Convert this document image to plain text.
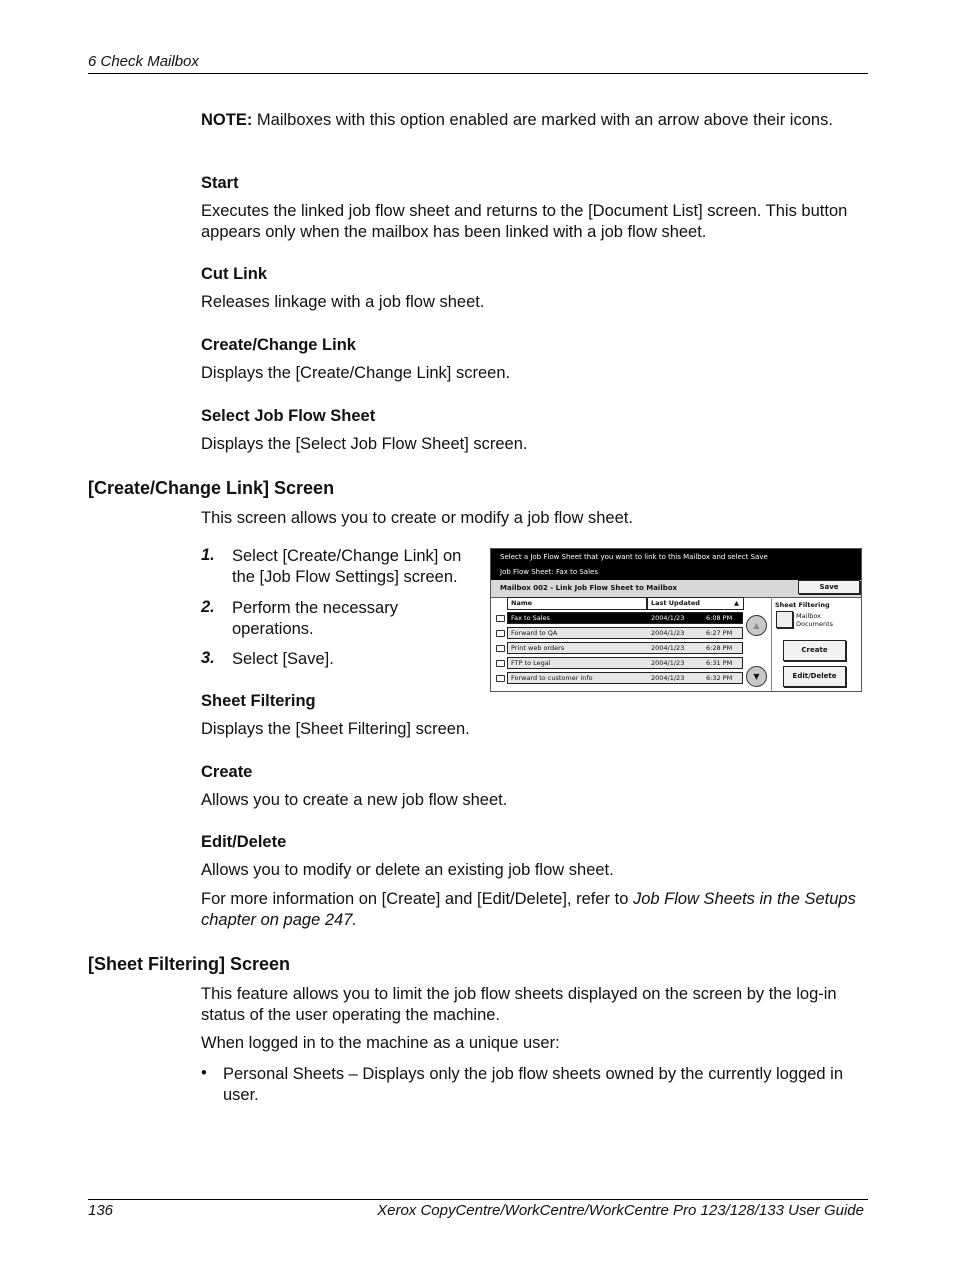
6 Check Mailbox
NOTE: Mailboxes with this option enabled are marked with an arrow above their icons.
Start
Executes the linked job flow sheet and returns to the [Document List] screen. This button appears only when the mailbox has been linked with a job flow sheet.
Cut Link
Releases linkage with a job flow sheet.
Create/Change Link
Displays the [Create/Change Link] screen.
Select Job Flow Sheet
Displays the [Select Job Flow Sheet] screen.
[Create/Change Link] Screen
This screen allows you to create or modify a job flow sheet.
1. Select [Create/Change Link] on the [Job Flow Settings] screen.
2. Perform the necessary operations.
3. Select [Save].
Select a Job Flow Sheet that you want to link to this Mailbox and select Save
Job Flow Sheet: Fax to Sales
Mailbox 002 - Link Job Flow Sheet to Mailbox	Save
Name	Last Updated	▲
Fax to Sales	2004/1/23	6:08 PM
Forward to QA	2004/1/23	6:27 PM
Print web orders	2004/1/23	6:28 PM
FTP to Legal	2004/1/23	6:31 PM
Forward to customer info	2004/1/23	6:32 PM
▲
▼
Sheet Filtering
Mailbox
Documents
Create
Edit/Delete
Sheet Filtering
Displays the [Sheet Filtering] screen.
Create
Allows you to create a new job flow sheet.
Edit/Delete
Allows you to modify or delete an existing job flow sheet.
For more information on [Create] and [Edit/Delete], refer to Job Flow Sheets in the Setups chapter on page 247.
[Sheet Filtering] Screen
This feature allows you to limit the job flow sheets displayed on the screen by the log-in status of the user operating the machine.
When logged in to the machine as a unique user:
• Personal Sheets – Displays only the job flow sheets owned by the currently logged in user.
136	Xerox CopyCentre/WorkCentre/WorkCentre Pro 123/128/133 User Guide
